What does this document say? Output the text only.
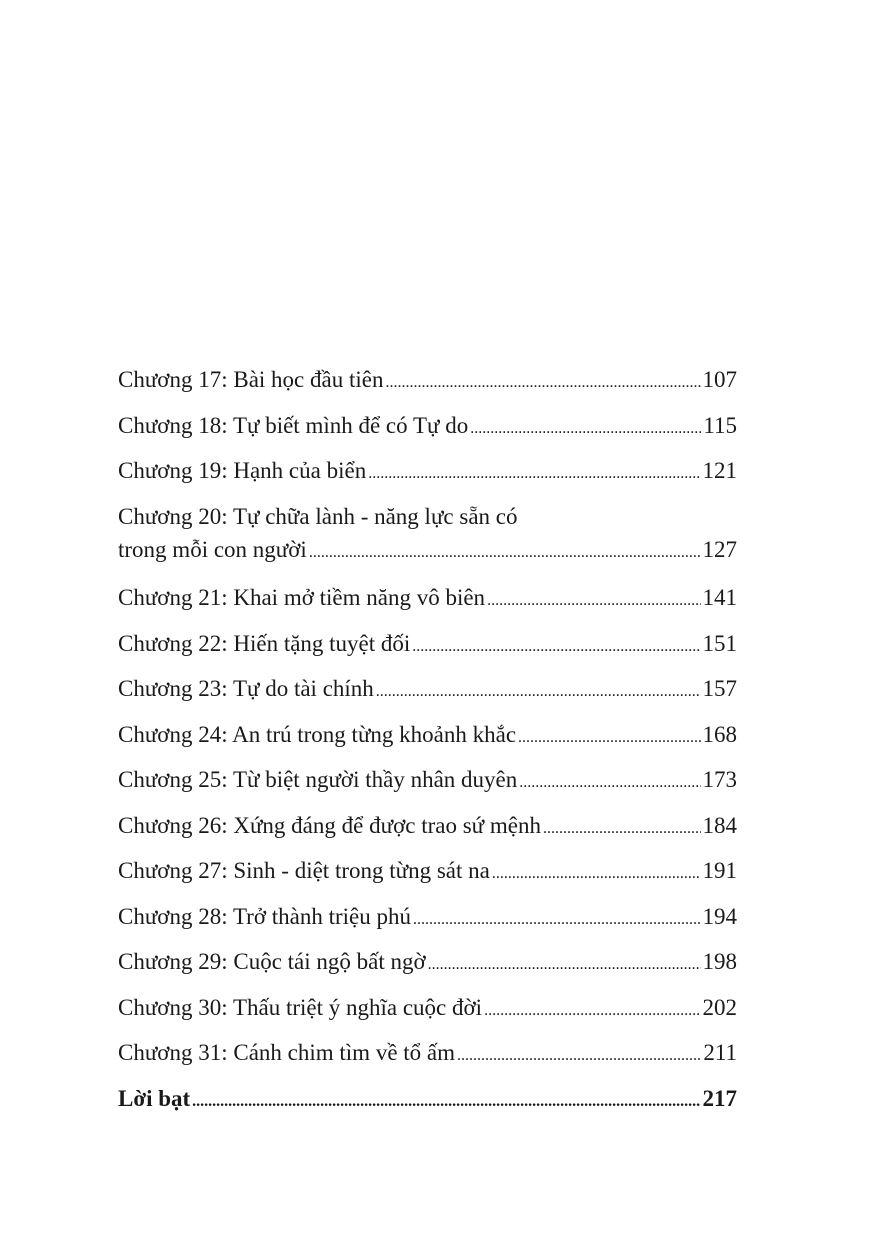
Chương 17: Bài học đầu tiên .....	107
Chương 18: Tự biết mình để có Tự do .....	115
Chương 19: Hạnh của biển .....	121
Chương 20: Tự chữa lành - năng lực sẵn có
trong mỗi con người .....	127
Chương 21: Khai mở tiềm năng vô biên .....	141
Chương 22: Hiến tặng tuyệt đối .....	151
Chương 23: Tự do tài chính .....	157
Chương 24: An trú trong từng khoảnh khắc .....	168
Chương 25: Từ biệt người thầy nhân duyên .....	173
Chương 26: Xứng đáng để được trao sứ mệnh .....	184
Chương 27: Sinh - diệt trong từng sát na .....	191
Chương 28: Trở thành triệu phú .....	194
Chương 29: Cuộc tái ngộ bất ngờ .....	198
Chương 30: Thấu triệt ý nghĩa cuộc đời .....	202
Chương 31: Cánh chim tìm về tổ ấm .....	211
Lời bạt .....	217
